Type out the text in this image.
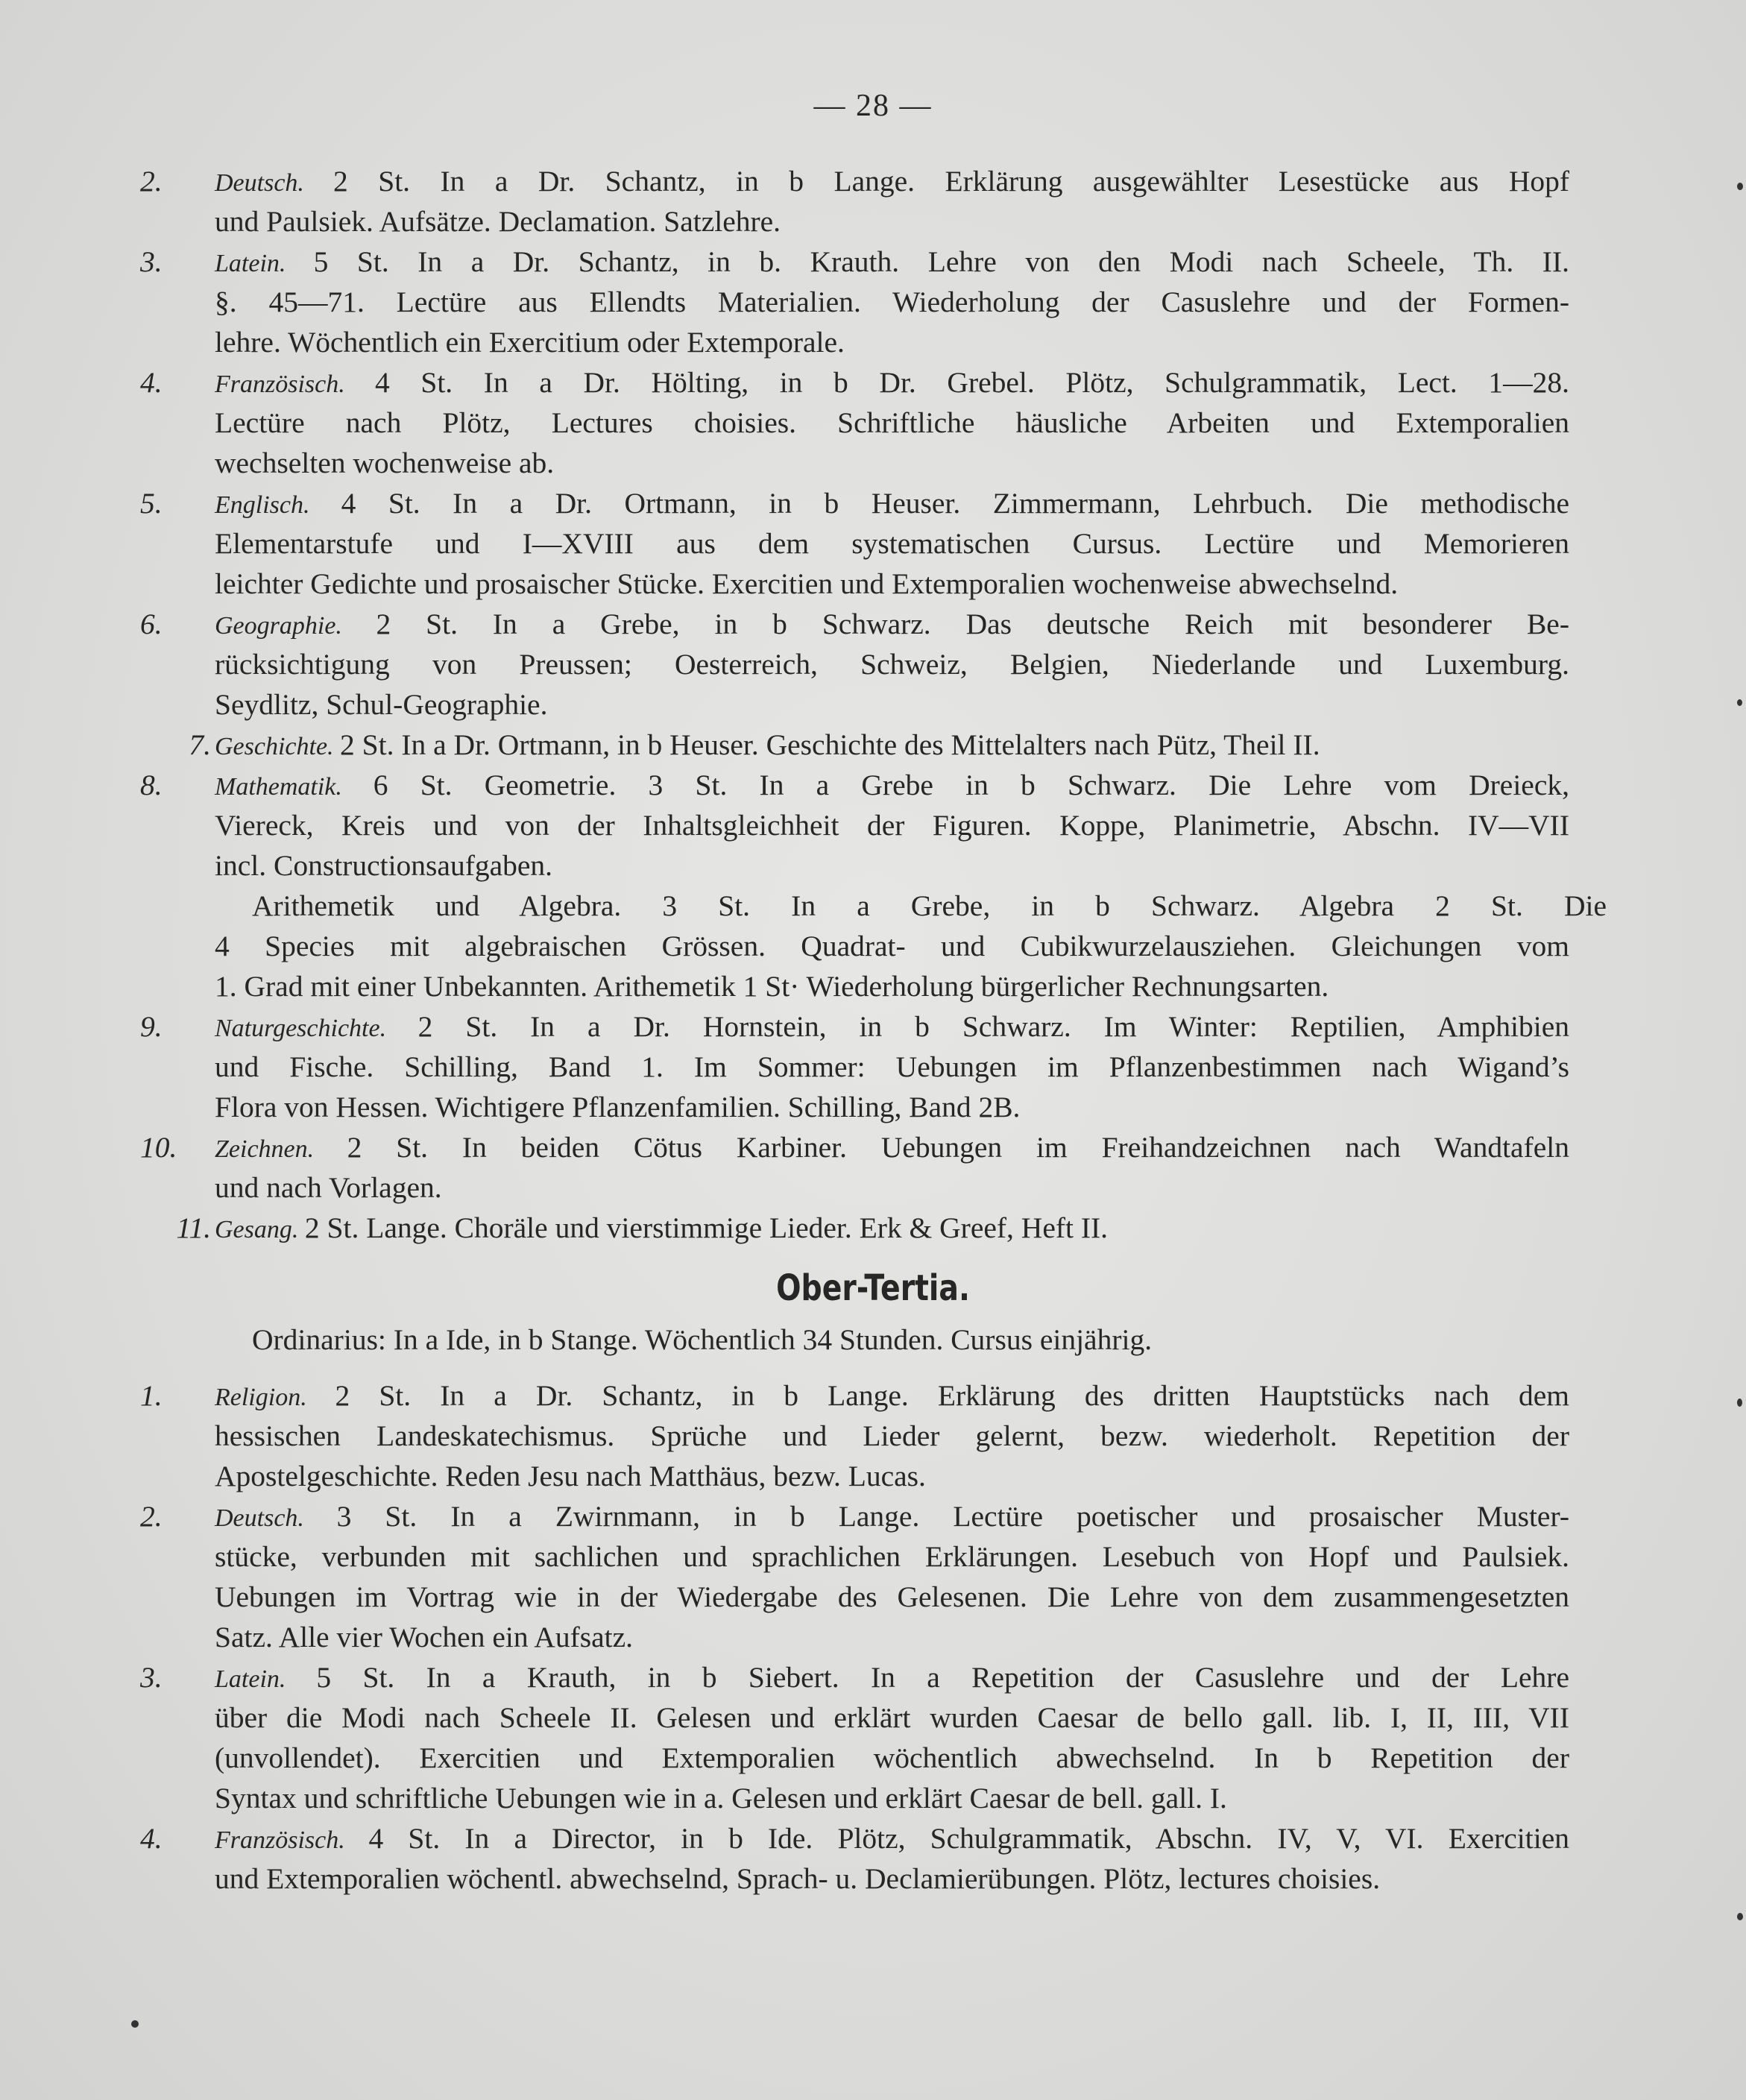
— 28 —
2.	Deutsch. 2 St. In a Dr. Schantz, in b Lange. Erklärung ausgewählter Lesestücke aus Hopf
und Paulsiek. Aufsätze. Declamation. Satzlehre.
3.	Latein. 5 St. In a Dr. Schantz, in b. Krauth. Lehre von den Modi nach Scheele, Th. II.
§. 45—71. Lectüre aus Ellendts Materialien. Wiederholung der Casuslehre und der Formen-
lehre. Wöchentlich ein Exercitium oder Extemporale.
4.	Französisch. 4 St. In a Dr. Hölting, in b Dr. Grebel. Plötz, Schulgrammatik, Lect. 1—28.
Lectüre nach Plötz, Lectures choisies. Schriftliche häusliche Arbeiten und Extemporalien
wechselten wochenweise ab.
5.	Englisch. 4 St. In a Dr. Ortmann, in b Heuser. Zimmermann, Lehrbuch. Die methodische
Elementarstufe und I—XVIII aus dem systematischen Cursus. Lectüre und Memorieren
leichter Gedichte und prosaischer Stücke. Exercitien und Extemporalien wochenweise abwechselnd.
6.	Geographie. 2 St. In a Grebe, in b Schwarz. Das deutsche Reich mit besonderer Be-
rücksichtigung von Preussen; Oesterreich, Schweiz, Belgien, Niederlande und Luxemburg.
Seydlitz, Schul-Geographie.
7. Geschichte. 2 St. In a Dr. Ortmann, in b Heuser. Geschichte des Mittelalters nach Pütz, Theil II.
8.	Mathematik. 6 St. Geometrie. 3 St. In a Grebe in b Schwarz. Die Lehre vom Dreieck,
Viereck, Kreis und von der Inhaltsgleichheit der Figuren. Koppe, Planimetrie, Abschn. IV—VII
incl. Constructionsaufgaben.
Arithemetik und Algebra. 3 St. In a Grebe, in b Schwarz. Algebra 2 St. Die
4 Species mit algebraischen Grössen. Quadrat- und Cubikwurzelausziehen. Gleichungen vom
1. Grad mit einer Unbekannten. Arithemetik 1 St· Wiederholung bürgerlicher Rechnungsarten.
9.	Naturgeschichte. 2 St. In a Dr. Hornstein, in b Schwarz. Im Winter: Reptilien, Amphibien
und Fische. Schilling, Band 1. Im Sommer: Uebungen im Pflanzenbestimmen nach Wigand’s
Flora von Hessen. Wichtigere Pflanzenfamilien. Schilling, Band 2B.
10.	Zeichnen. 2 St. In beiden Cötus Karbiner. Uebungen im Freihandzeichnen nach Wandtafeln
und nach Vorlagen.
11. Gesang. 2 St. Lange. Choräle und vierstimmige Lieder. Erk & Greef, Heft II.
Ober-Tertia.
Ordinarius: In a Ide, in b Stange. Wöchentlich 34 Stunden. Cursus einjährig.
1.	Religion. 2 St. In a Dr. Schantz, in b Lange. Erklärung des dritten Hauptstücks nach dem
hessischen Landeskatechismus. Sprüche und Lieder gelernt, bezw. wiederholt. Repetition der
Apostelgeschichte. Reden Jesu nach Matthäus, bezw. Lucas.
2.	Deutsch. 3 St. In a Zwirnmann, in b Lange. Lectüre poetischer und prosaischer Muster-
stücke, verbunden mit sachlichen und sprachlichen Erklärungen. Lesebuch von Hopf und Paulsiek.
Uebungen im Vortrag wie in der Wiedergabe des Gelesenen. Die Lehre von dem zusammengesetzten
Satz. Alle vier Wochen ein Aufsatz.
3.	Latein. 5 St. In a Krauth, in b Siebert. In a Repetition der Casuslehre und der Lehre
über die Modi nach Scheele II. Gelesen und erklärt wurden Caesar de bello gall. lib. I, II, III, VII
(unvollendet). Exercitien und Extemporalien wöchentlich abwechselnd. In b Repetition der
Syntax und schriftliche Uebungen wie in a. Gelesen und erklärt Caesar de bell. gall. I.
4.	Französisch. 4 St. In a Director, in b Ide. Plötz, Schulgrammatik, Abschn. IV, V, VI. Exercitien
und Extemporalien wöchentl. abwechselnd, Sprach- u. Declamierübungen. Plötz, lectures choisies.
